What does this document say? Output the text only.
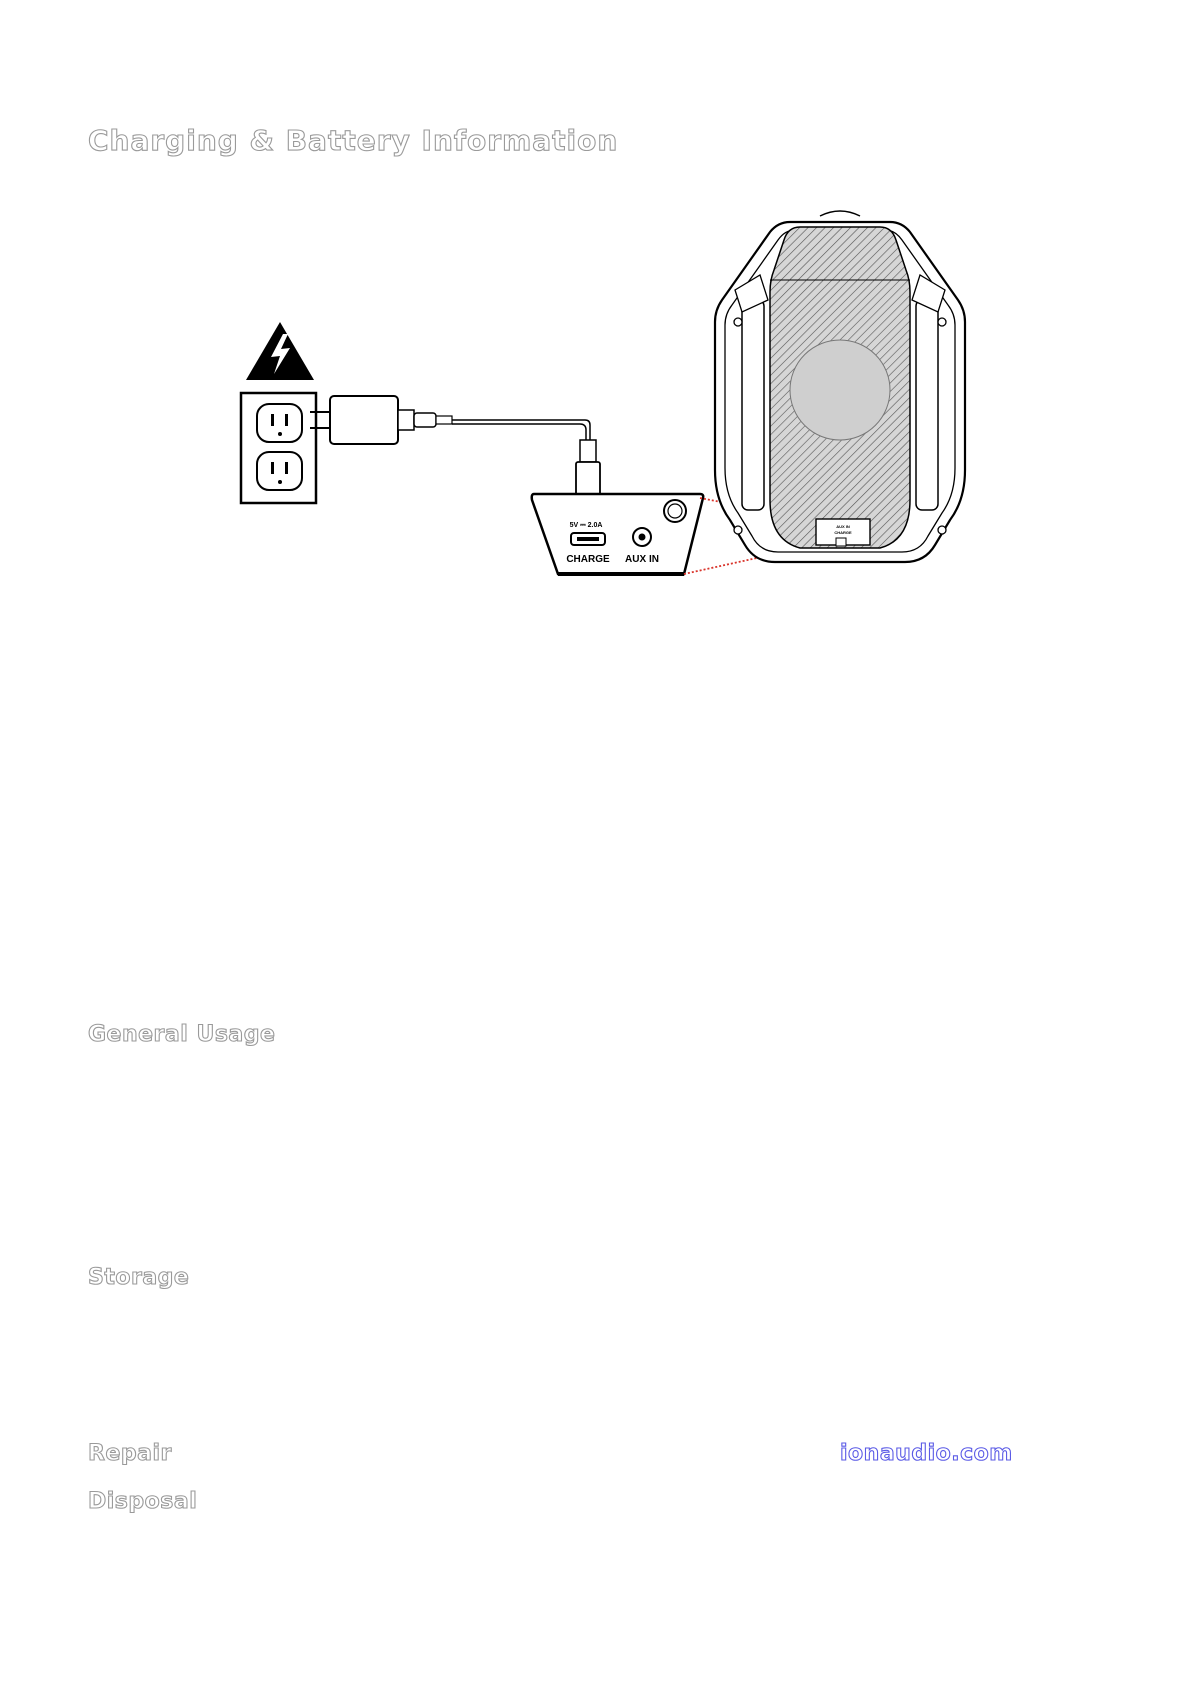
Charging & Battery Information
5V ⎓ 2.0A
CHARGE AUX IN
AUX IN
CHARGE
General Usage
Storage
Repair	ionaudio.com
Disposal
